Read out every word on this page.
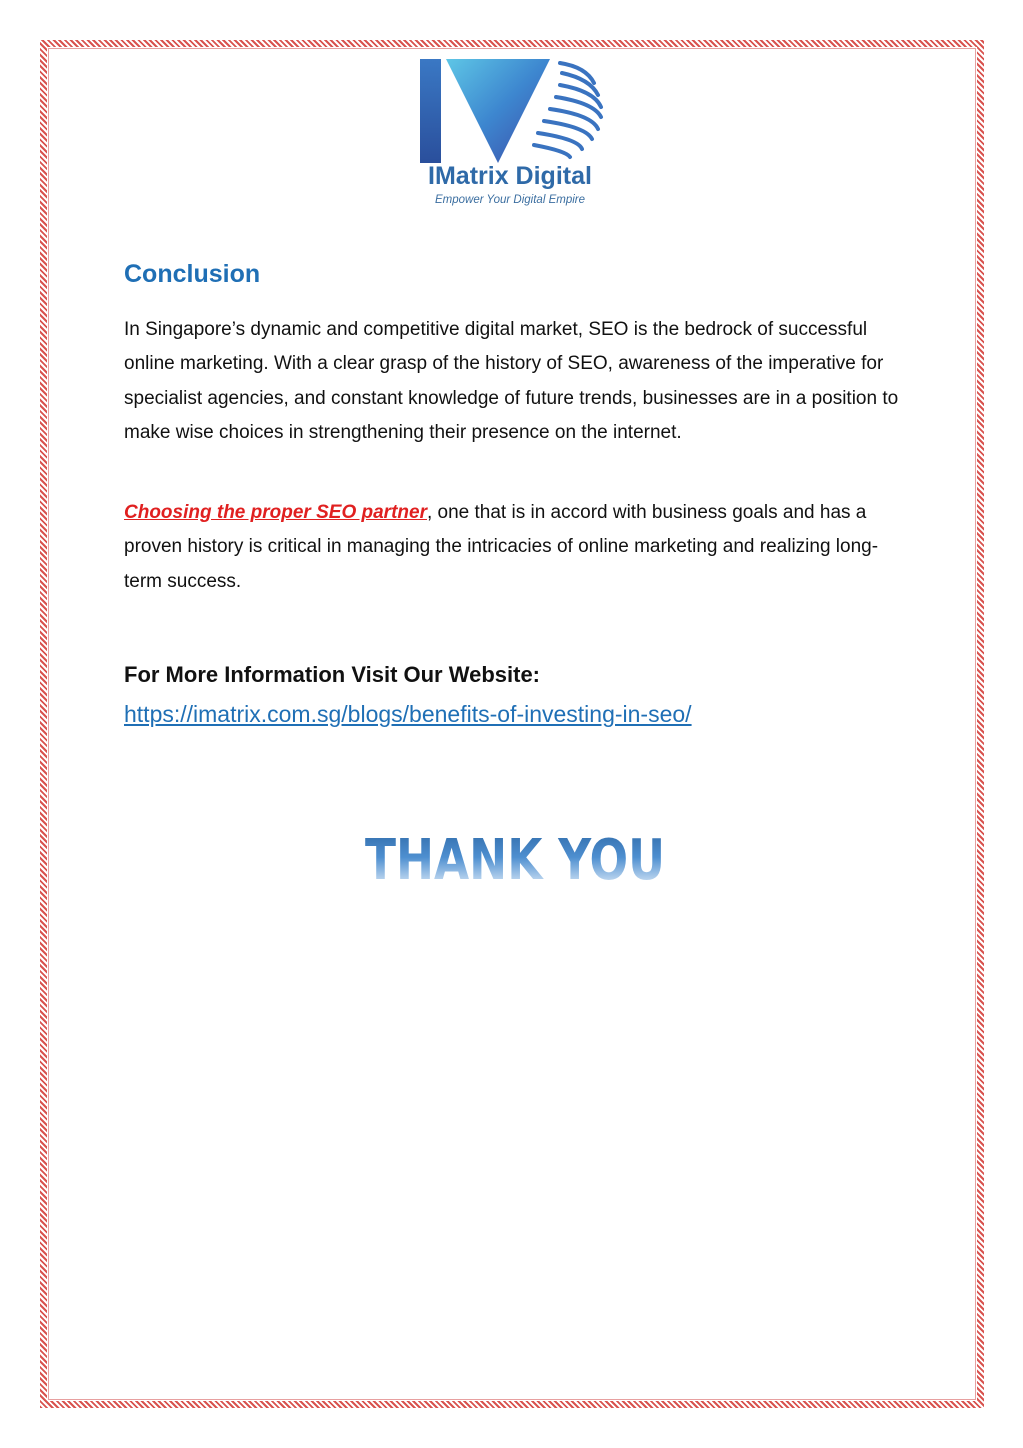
IMatrix Digital
Empower Your Digital Empire
Conclusion

In Singapore’s dynamic and competitive digital market, SEO is the bedrock of successful online marketing. With a clear grasp of the history of SEO, awareness of the imperative for specialist agencies, and constant knowledge of future trends, businesses are in a position to make wise choices in strengthening their presence on the internet.

Choosing the proper SEO partner, one that is in accord with business goals and has a proven history is critical in managing the intricacies of online marketing and realizing long-term success.

For More Information Visit Our Website:
https://imatrix.com.sg/blogs/benefits-of-investing-in-seo/
THANK YOU
